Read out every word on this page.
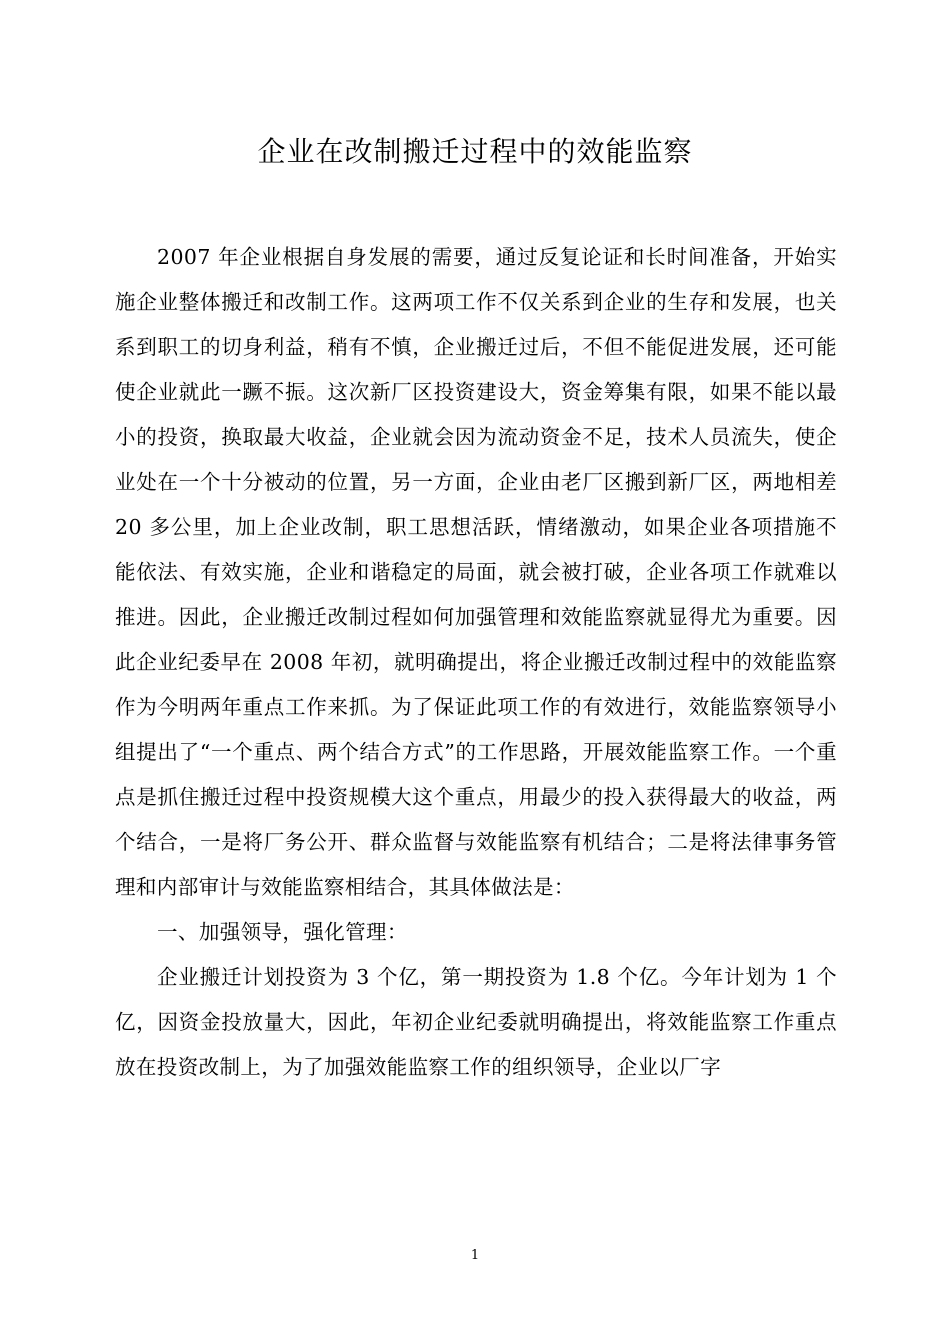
企业在改制搬迁过程中的效能监察

2007 年企业根据自身发展的需要，通过反复论证和长时间准备，开始实施企业整体搬迁和改制工作。这两项工作不仅关系到企业的生存和发展，也关系到职工的切身利益，稍有不慎，企业搬迁过后，不但不能促进发展，还可能使企业就此一蹶不振。这次新厂区投资建设大，资金筹集有限，如果不能以最小的投资，换取最大收益，企业就会因为流动资金不足，技术人员流失，使企业处在一个十分被动的位置，另一方面，企业由老厂区搬到新厂区，两地相差 20 多公里，加上企业改制，职工思想活跃，情绪激动，如果企业各项措施不能依法、有效实施，企业和谐稳定的局面，就会被打破，企业各项工作就难以推进。因此，企业搬迁改制过程如何加强管理和效能监察就显得尤为重要。因此企业纪委早在 2008 年初，就明确提出，将企业搬迁改制过程中的效能监察作为今明两年重点工作来抓。为了保证此项工作的有效进行，效能监察领导小组提出了“一个重点、两个结合方式”的工作思路，开展效能监察工作。一个重点是抓住搬迁过程中投资规模大这个重点，用最少的投入获得最大的收益，两个结合，一是将厂务公开、群众监督与效能监察有机结合；二是将法律事务管理和内部审计与效能监察相结合，其具体做法是：

一、加强领导，强化管理：

企业搬迁计划投资为 3 个亿，第一期投资为 1.8 个亿。今年计划为 1 个亿，因资金投放量大，因此，年初企业纪委就明确提出，将效能监察工作重点放在投资改制上，为了加强效能监察工作的组织领导，企业以厂字

1
